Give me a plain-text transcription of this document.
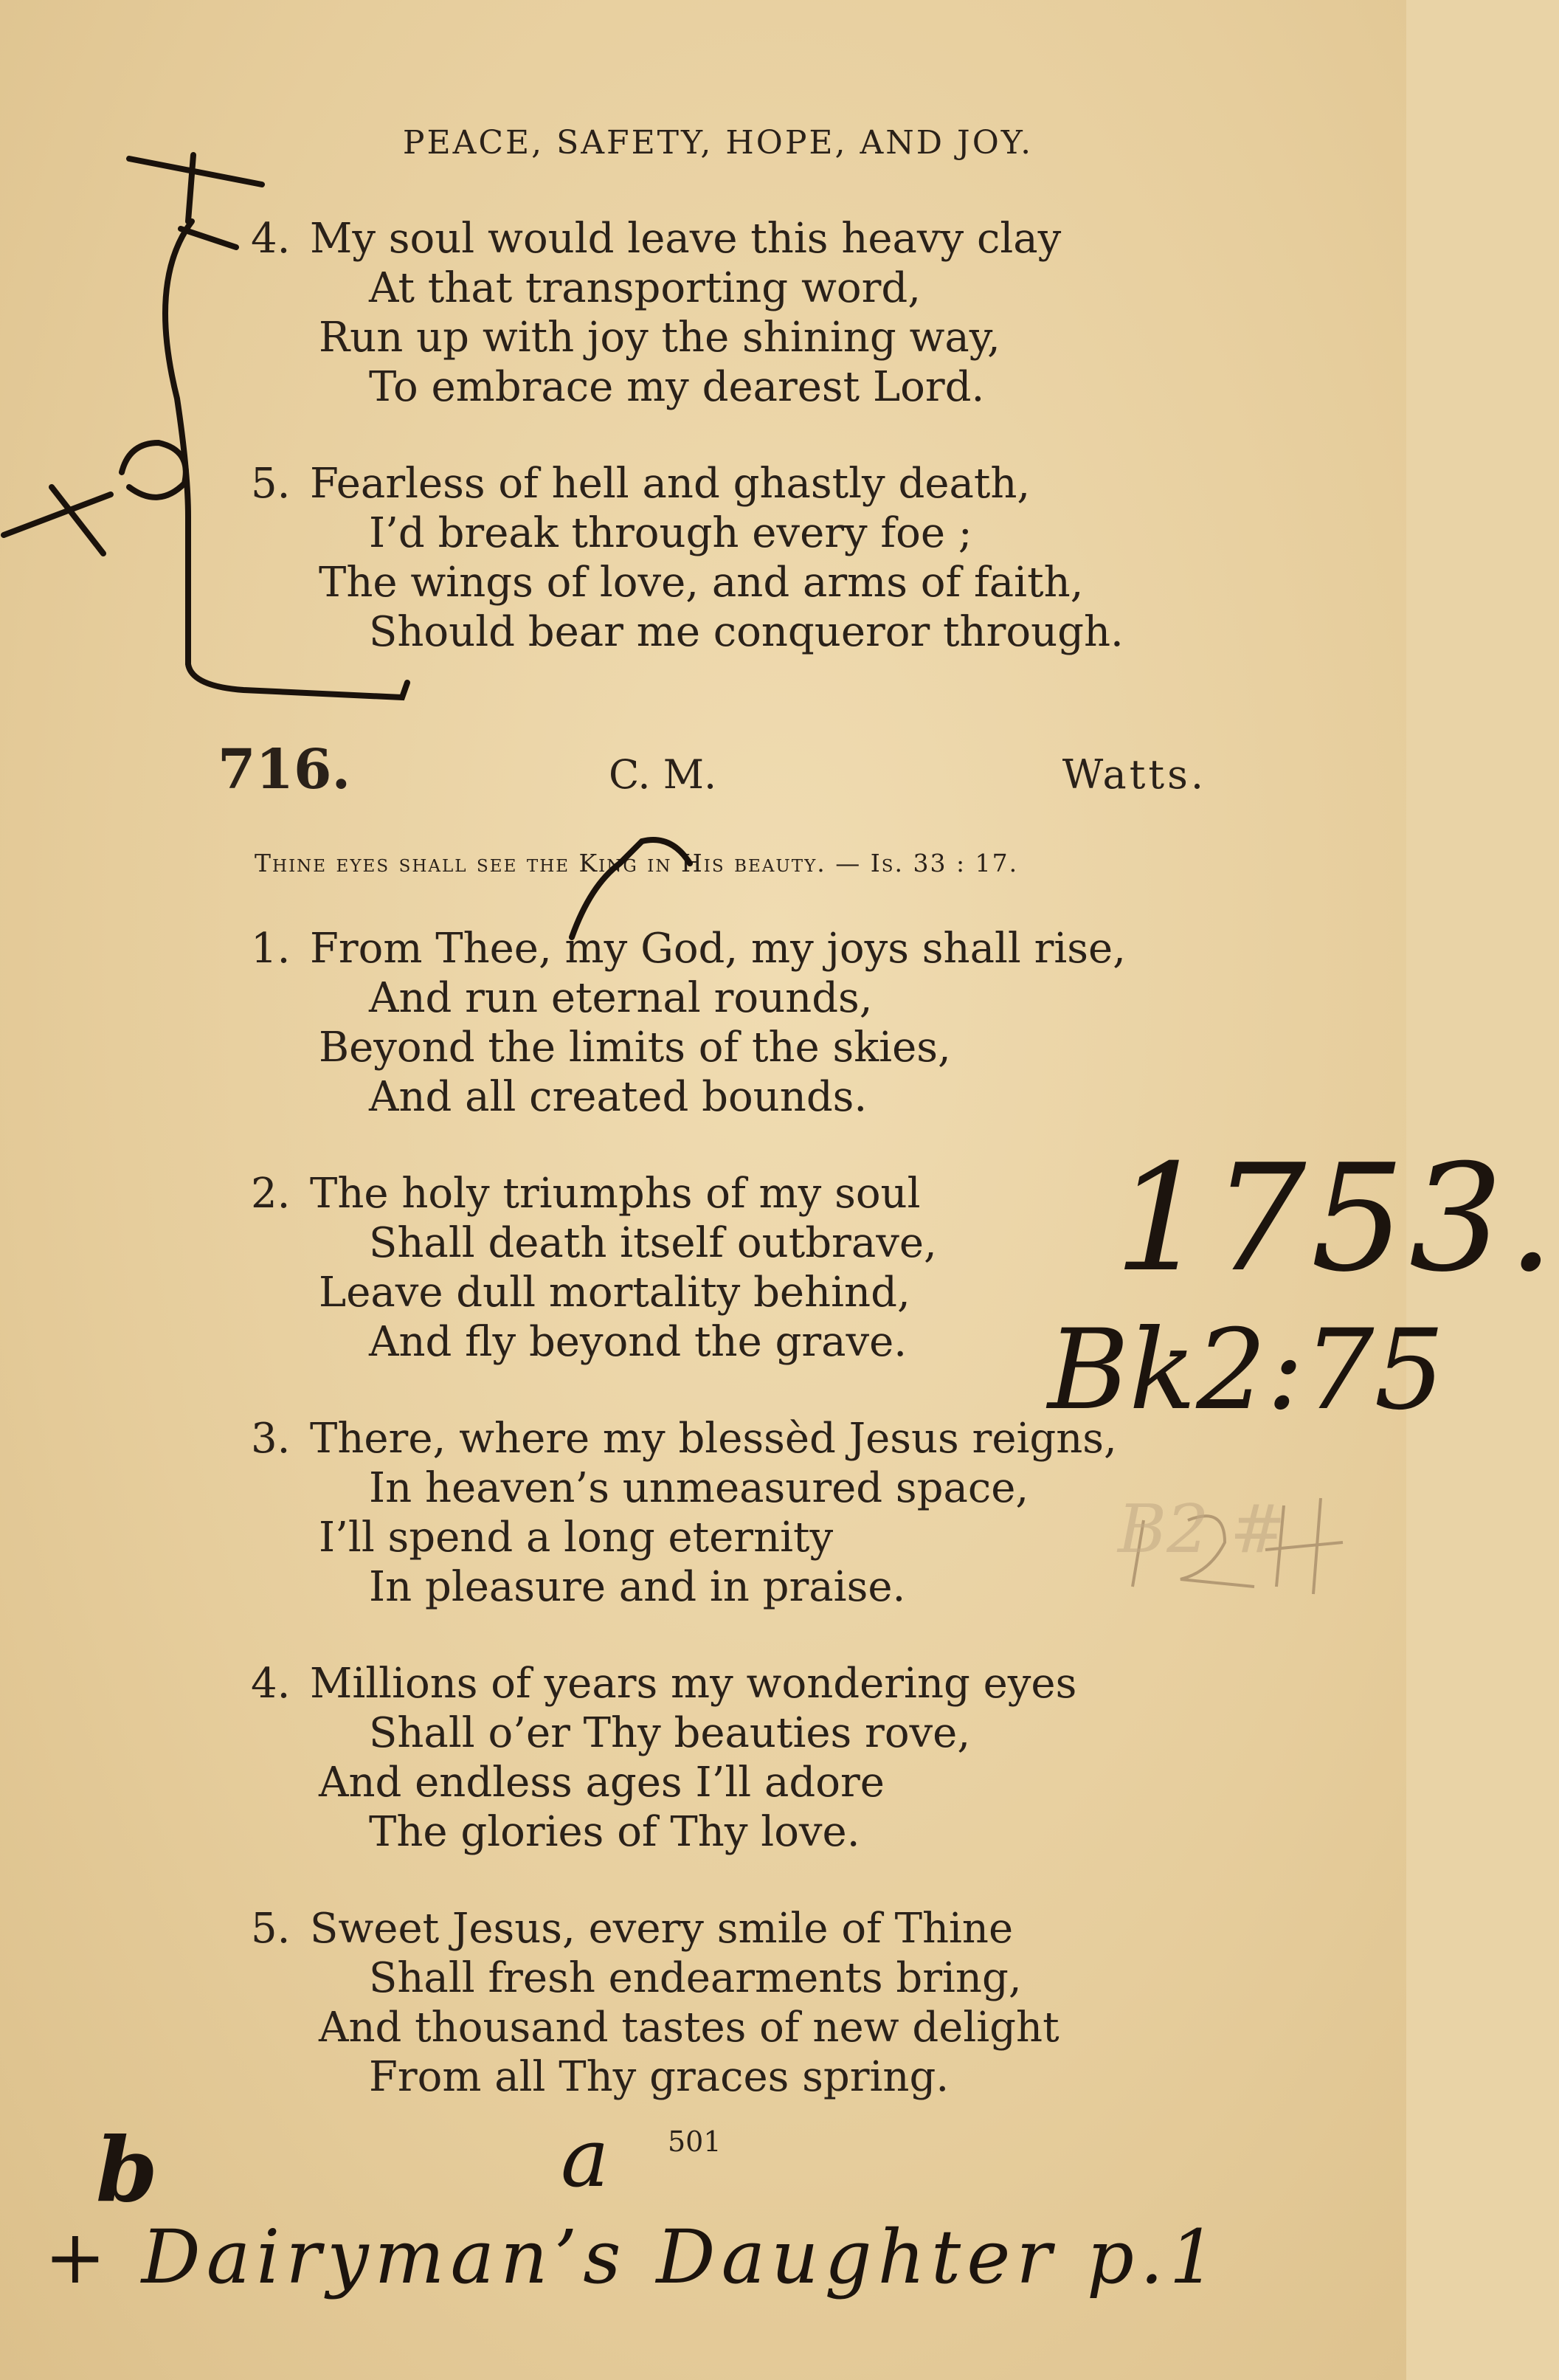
PEACE, SAFETY, HOPE, AND JOY.
4. My soul would leave this heavy clay
At that transporting word,
Run up with joy the shining way,
To embrace my dearest Lord.
5. Fearless of hell and ghastly death,
I’d break through every foe ;
The wings of love, and arms of faith,
Should bear me conqueror through.
716.	C. M.	Watts.
Thine eyes shall see the King in His beauty. — Is. 33 : 17.
1. From Thee, my God, my joys shall rise,
And run eternal rounds,
Beyond the limits of the skies,
And all created bounds.
2. The holy triumphs of my soul
Shall death itself outbrave,
Leave dull mortality behind,
And fly beyond the grave.
3. There, where my blessèd Jesus reigns,
In heaven’s unmeasured space,
I’ll spend a long eternity
In pleasure and in praise.
4. Millions of years my wondering eyes
Shall o’er Thy beauties rove,
And endless ages I’ll adore
The glories of Thy love.
5. Sweet Jesus, every smile of Thine
Shall fresh endearments bring,
And thousand tastes of new delight
From all Thy graces spring.
501
1753.
Bk2:75
b	a
+ Dairyman’s Daughter p.1
B2 #
